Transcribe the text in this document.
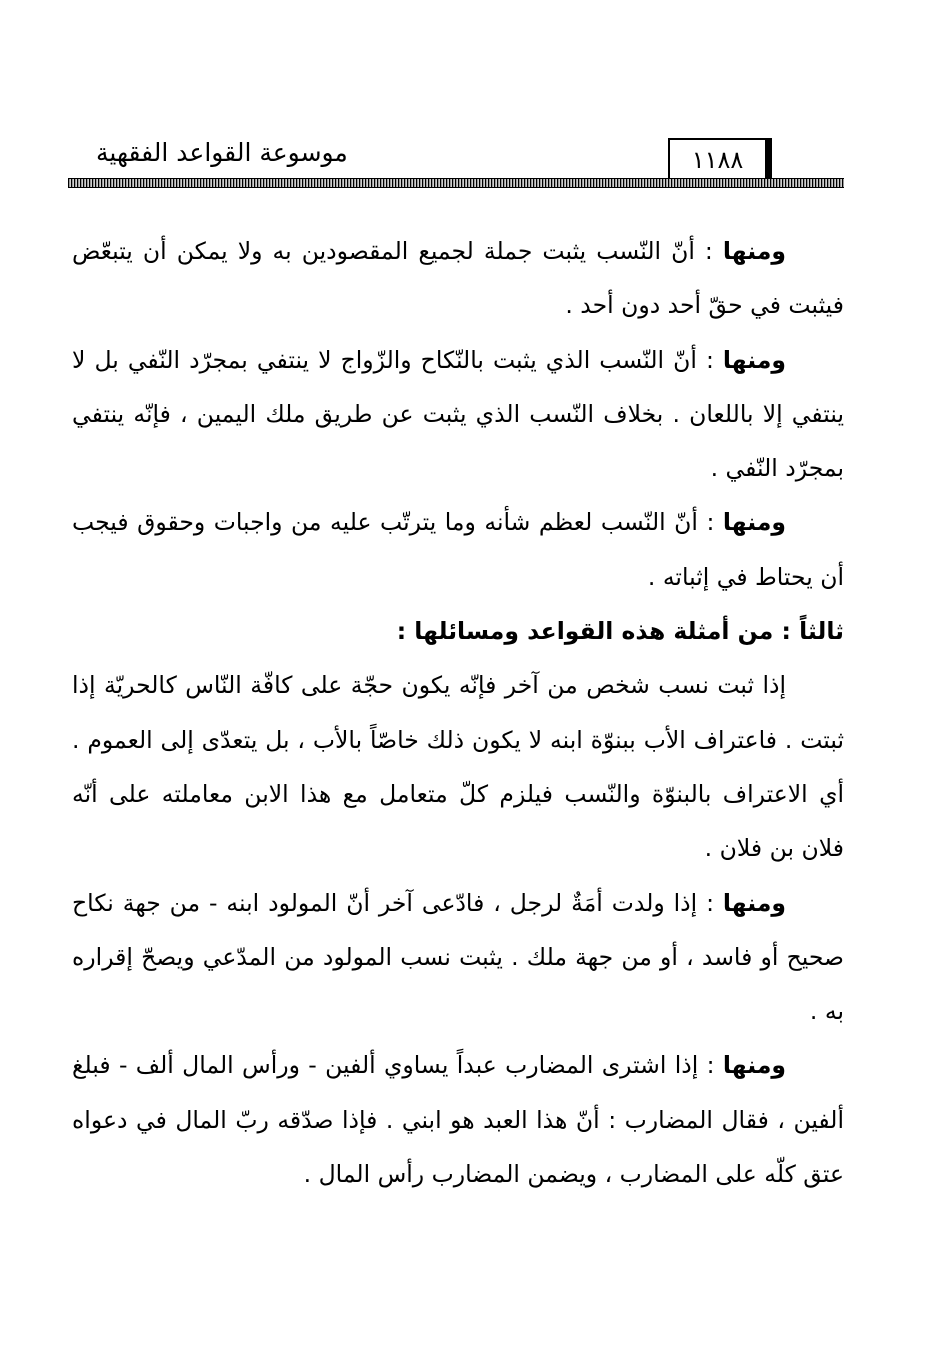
١١٨٨
موسوعة القواعد الفقهية

ومنها : أنّ النّسب يثبت جملة لجميع المقصودين به ولا يمكن أن يتبعّض فيثبت في حقّ أحد دون أحد .

ومنها : أنّ النّسب الذي يثبت بالنّكاح والزّواج لا ينتفي بمجرّد النّفي بل لا ينتفي إلا باللعان . بخلاف النّسب الذي يثبت عن طريق ملك اليمين ، فإنّه ينتفي بمجرّد النّفي .

ومنها : أنّ النّسب لعظم شأنه وما يترتّب عليه من واجبات وحقوق فيجب أن يحتاط في إثباته .

ثالثاً : من أمثلة هذه القواعد ومسائلها :

إذا ثبت نسب شخص من آخر فإنّه يكون حجّة على كافّة النّاس كالحريّة إذا ثبتت . فاعتراف الأب ببنوّة ابنه لا يكون ذلك خاصّاً بالأب ، بل يتعدّى إلى العموم . أي الاعتراف بالبنوّة والنّسب فيلزم كلّ متعامل مع هذا الابن معاملته على أنّه فلان بن فلان .

ومنها : إذا ولدت أمَةٌ لرجل ، فادّعى آخر أنّ المولود ابنه - من جهة نكاح صحيح أو فاسد ، أو من جهة ملك . يثبت نسب المولود من المدّعي ويصحّ إقراره به .

ومنها : إذا اشترى المضارب عبداً يساوي ألفين - ورأس المال ألف - فبلغ ألفين ، فقال المضارب : أنّ هذا العبد هو ابني . فإذا صدّقه ربّ المال في دعواه عتق كلّه على المضارب ، ويضمن المضارب رأس المال .
